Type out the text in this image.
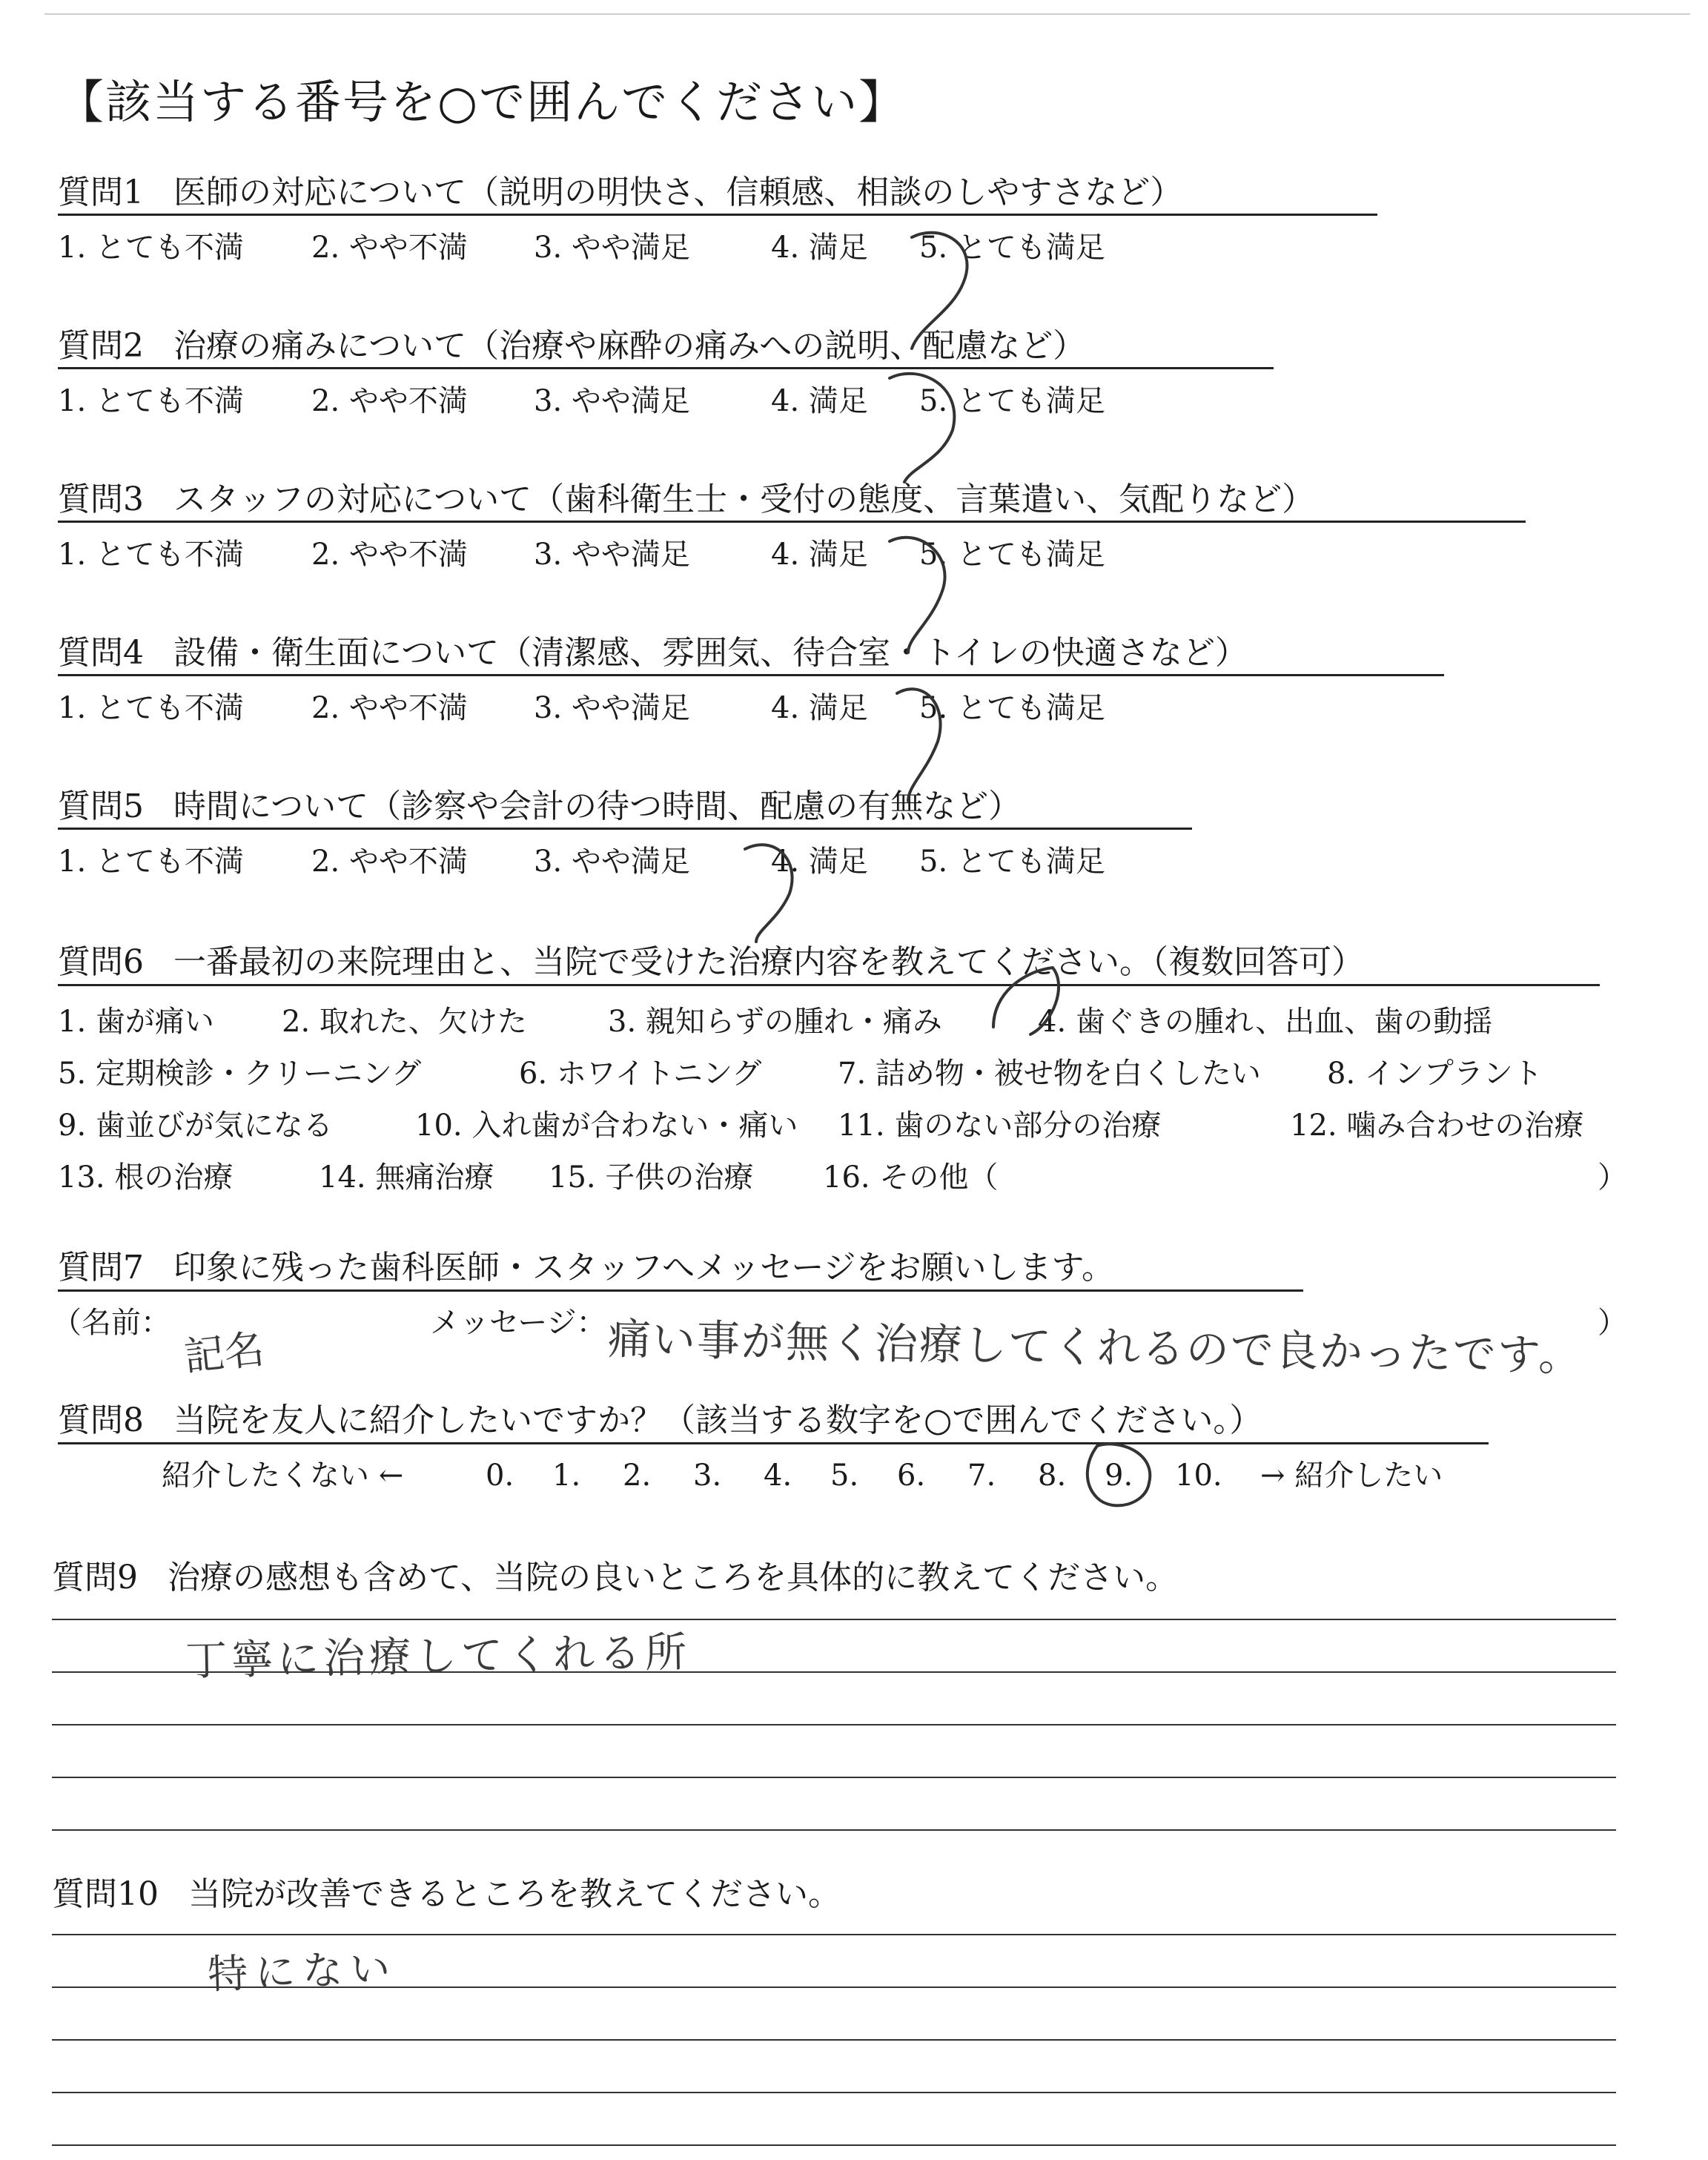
【該当する番号を○で囲んでください】
質問1 医師の対応について（説明の明快さ、信頼感、相談のしやすさなど）
1. とても不満 2. やや不満 3. やや満足	4. 満足 5. とても満足
質問2 治療の痛みについて（治療や麻酔の痛みへの説明、配慮など）
1. とても不満 2. やや不満 3. やや満足	4. 満足 5. とても満足
質問3 スタッフの対応について（歯科衛生士・受付の態度、言葉遣い、気配りなど）
1. とても不満 2. やや不満 3. やや満足	4. 満足 5. とても満足
質問4 設備・衛生面について（清潔感、雰囲気、待合室・トイレの快適さなど）
1. とても不満 2. やや不満 3. やや満足	4. 満足 5. とても満足
質問5 時間について（診察や会計の待つ時間、配慮の有無など）
1. とても不満 2. やや不満 3. やや満足	4. 満足 5. とても満足
質問6 一番最初の来院理由と、当院で受けた治療内容を教えてください。（複数回答可）
1. 歯が痛い 2. 取れた、欠けた	3. 親知らずの腫れ・痛み	4. 歯ぐきの腫れ、出血、歯の動揺
5. 定期検診・クリーニング	6. ホワイトニング	7. 詰め物・被せ物を白くしたい 8. インプラント
9. 歯並びが気になる	10. 入れ歯が合わない・痛い 11. 歯のない部分の治療	12. 噛み合わせの治療
13. 根の治療	14. 無痛治療 15. 子供の治療 16. その他（	）
質問7 印象に残った歯科医師・スタッフへメッセージをお願いします。
（名前：
記名
メッセージ： 痛い事が無く治療してくれるので良かったです。 ）
質問8 当院を友人に紹介したいですか？（該当する数字を○で囲んでください。）
紹介したくない ←	0. 1. 2. 3. 4. 5. 6. 7. 8. 9. 10. → 紹介したい
質問9 治療の感想も含めて、当院の良いところを具体的に教えてください。
丁寧に治療してくれる所
質問10 当院が改善できるところを教えてください。
特にない
